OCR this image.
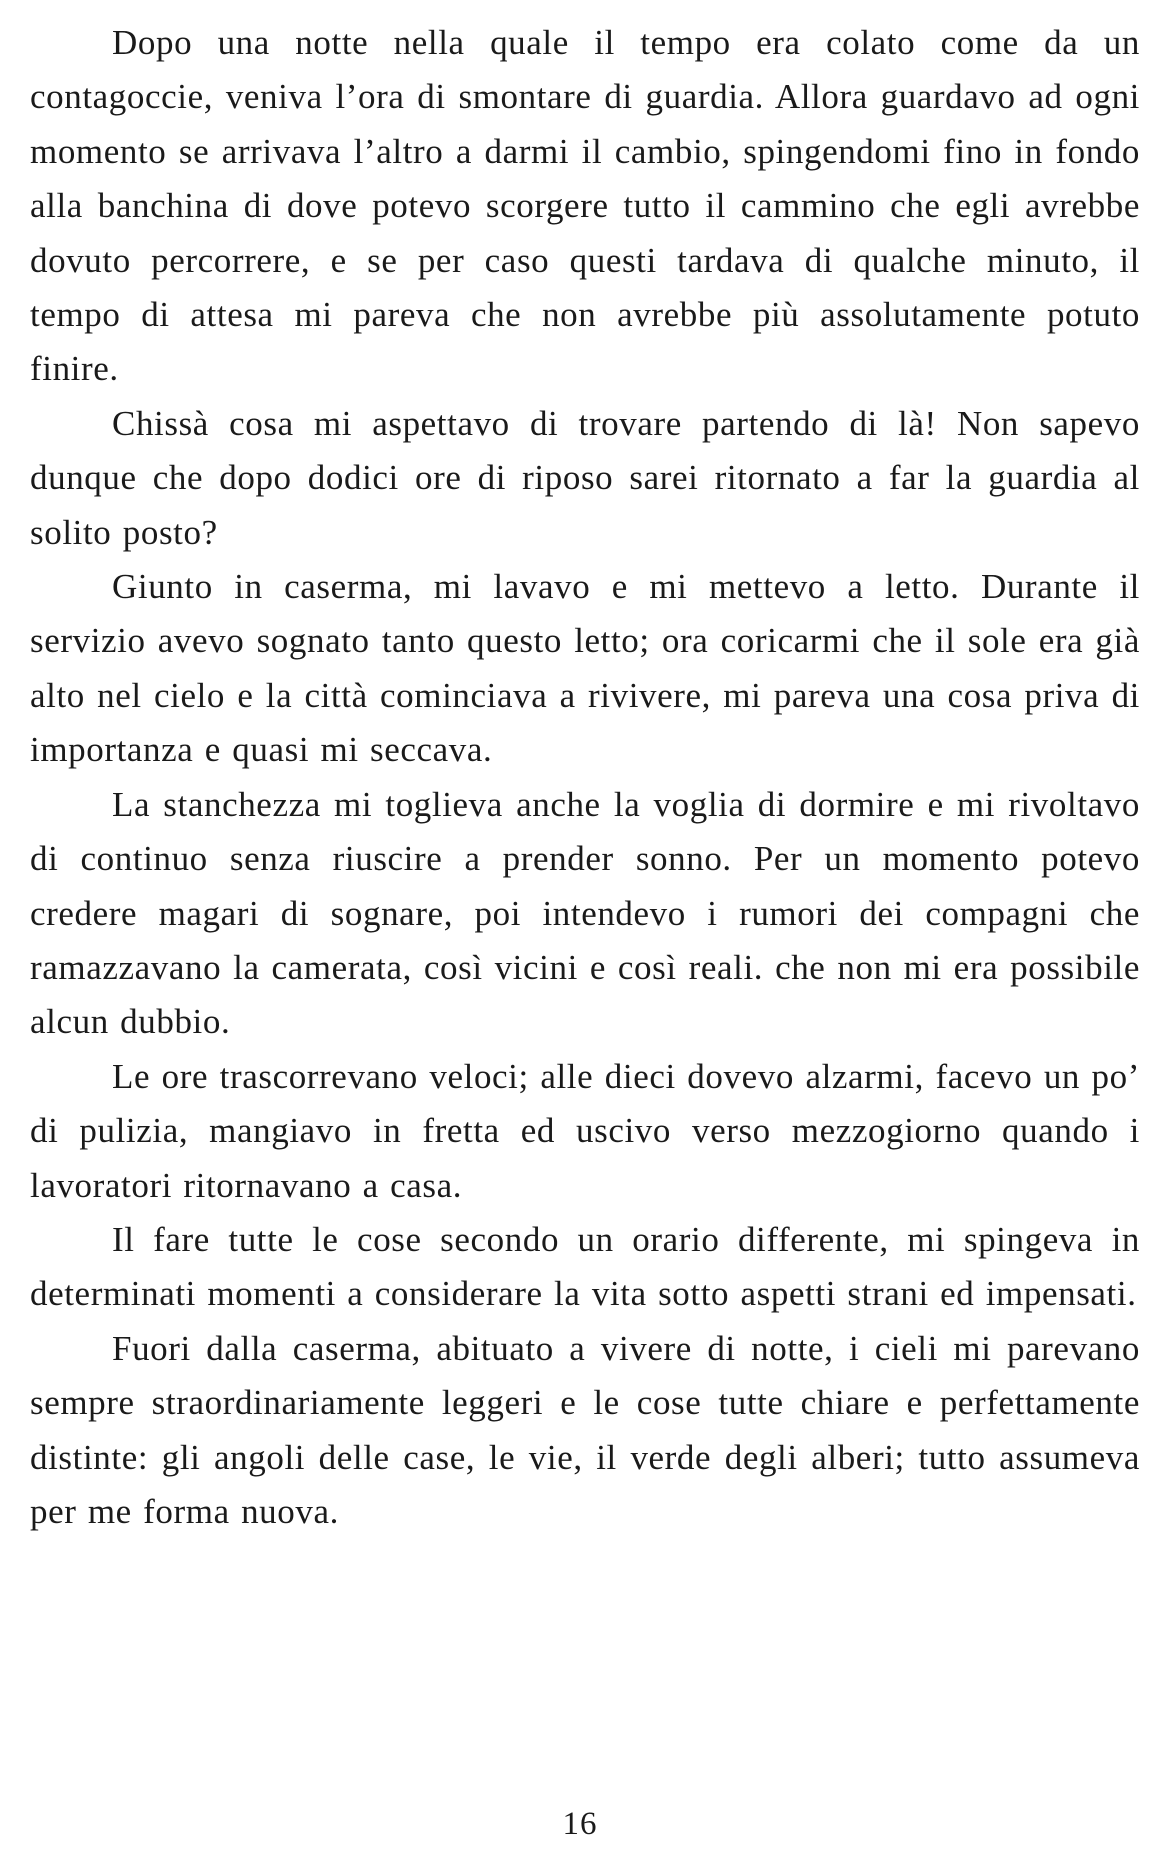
Dopo una notte nella quale il tempo era colato come da un contagoccie, veniva l’ora di smontare di guardia. Allora guardavo ad ogni momento se arrivava l’altro a darmi il cambio, spingendomi fino in fondo alla banchina di dove potevo scorgere tutto il cammino che egli avrebbe dovuto percorrere, e se per caso questi tardava di qualche minuto, il tempo di attesa mi pareva che non avrebbe più assolutamente potuto finire.

Chissà cosa mi aspettavo di trovare partendo di là! Non sapevo dunque che dopo dodici ore di riposo sarei ritornato a far la guardia al solito posto?

Giunto in caserma, mi lavavo e mi mettevo a letto. Durante il servizio avevo sognato tanto questo letto; ora coricarmi che il sole era già alto nel cielo e la città cominciava a rivivere, mi pareva una cosa priva di importanza e quasi mi seccava.

La stanchezza mi toglieva anche la voglia di dormire e mi rivoltavo di continuo senza riuscire a prender sonno. Per un momento potevo credere magari di sognare, poi intendevo i rumori dei compagni che ramazzavano la camerata, così vicini e così reali. che non mi era possibile alcun dubbio.

Le ore trascorrevano veloci; alle dieci dovevo alzarmi, facevo un po’ di pulizia, mangiavo in fretta ed uscivo verso mezzogiorno quando i lavoratori ritornavano a casa.

Il fare tutte le cose secondo un orario differente, mi spingeva in determinati momenti a considerare la vita sotto aspetti strani ed impensati.

Fuori dalla caserma, abituato a vivere di notte, i cieli mi parevano sempre straordinariamente leggeri e le cose tutte chiare e perfettamente distinte: gli angoli delle case, le vie, il verde degli alberi; tutto assumeva per me forma nuova.

16
